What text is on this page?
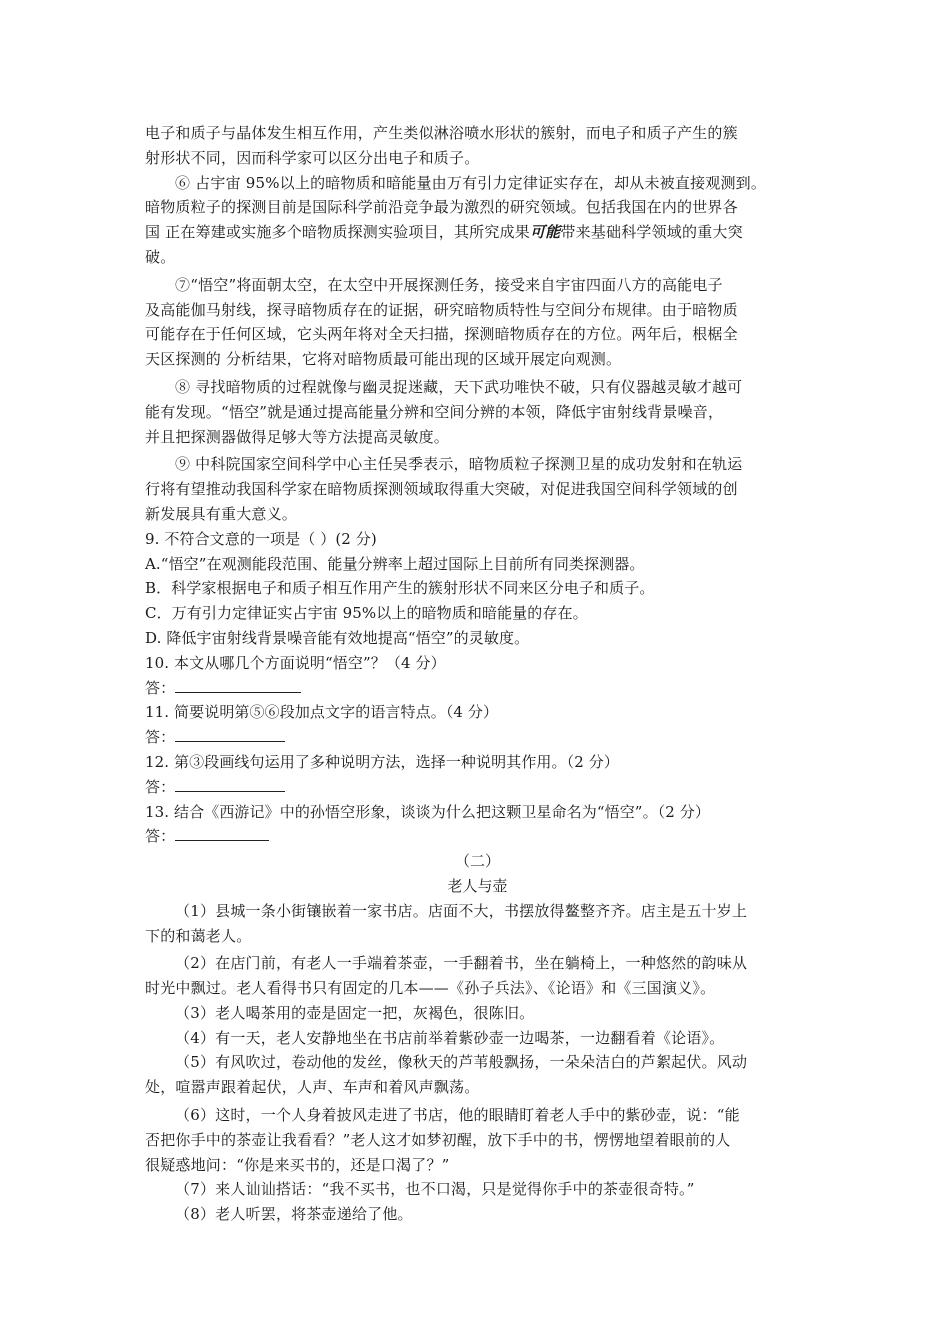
电子和质子与晶体发生相互作用，产生类似淋浴喷水形状的簇射，而电子和质子产生的簇
射形状不同，因而科学家可以区分出电子和质子。
⑥ 占宇宙 95%以上的暗物质和暗能量由万有引力定律证实存在，却从未被直接观测到。
暗物质粒子的探测目前是国际科学前沿竞争最为激烈的研究领域。包括我国在内的世界各
国 正在筹建或实施多个暗物质探测实验项目，其所究成果可能带来基础科学领域的重大突
破。
⑦“悟空”将面朝太空，在太空中开展探测任务，接受来自宇宙四面八方的高能电子
及高能伽马射线，探寻暗物质存在的证据，研究暗物质特性与空间分布规律。由于暗物质
可能存在于任何区域，它头两年将对全天扫描，探测暗物质存在的方位。两年后，根椐全
天区探测的 分析结果，它将对暗物质最可能出现的区域开展定向观测。
⑧ 寻找暗物质的过程就像与幽灵捉迷藏，天下武功唯快不破，只有仪器越灵敏才越可
能有发现。“悟空”就是通过提高能量分辨和空间分辨的本领，降低宇宙射线背景噪音，
并且把探测器做得足够大等方法提高灵敏度。
⑨ 中科院国家空间科学中心主任吴季表示，暗物质粒子探测卫星的成功发射和在轨运
行将有望推动我国科学家在暗物质探测领域取得重大突破，对促进我国空间科学领域的创
新发展具有重大意义。
9. 不符合文意的一项是（ ）(2 分)
A.“悟空”在观测能段范围、能量分辨率上超过国际上目前所有同类探测器。
B．科学家根据电子和质子相互作用产生的簇射形状不同来区分电子和质子。
C．万有引力定律证实占宇宙 95%以上的暗物质和暗能量的存在。
D. 降低宇宙射线背景噪音能有效地提高“悟空”的灵敏度。
10. 本文从哪几个方面说明“悟空”？（4 分）
答：
11. 简要说明第⑤⑥段加点文字的语言特点。（4 分）
答：
12. 第③段画线句运用了多种说明方法，选择一种说明其作用。（2 分）
答：
13. 结合《西游记》中的孙悟空形象，谈谈为什么把这颗卫星命名为“悟空”。（2 分）
答：
（二）
老人与壶
（1）县城一条小街镶嵌着一家书店。店面不大，书摆放得鳌整齐齐。店主是五十岁上
下的和蔼老人。
（2）在店门前，有老人一手端着茶壶，一手翻着书，坐在躺椅上，一种悠然的韵味从
时光中飘过。老人看得书只有固定的几本——《孙子兵法》、《论语》和《三国演义》。
（3）老人喝茶用的壶是固定一把，灰褐色，很陈旧。
（4）有一天，老人安静地坐在书店前举着紫砂壶一边喝茶，一边翻看着《论语》。
（5）有风吹过，卷动他的发丝，像秋天的芦苇般飘扬，一朵朵洁白的芦絮起伏。风动
处，喧嚣声跟着起伏，人声、车声和着风声飘荡。
（6）这时，一个人身着披风走进了书店，他的眼睛盯着老人手中的紫砂壶，说：“能
否把你手中的茶壶让我看看？”老人这才如梦初醒，放下手中的书，愣愣地望着眼前的人
很疑惑地问：“你是来买书的，还是口渴了？”
（7）来人讪讪搭话：“我不买书，也不口渴，只是觉得你手中的茶壶很奇特。”
（8）老人听罢，将茶壶递给了他。
